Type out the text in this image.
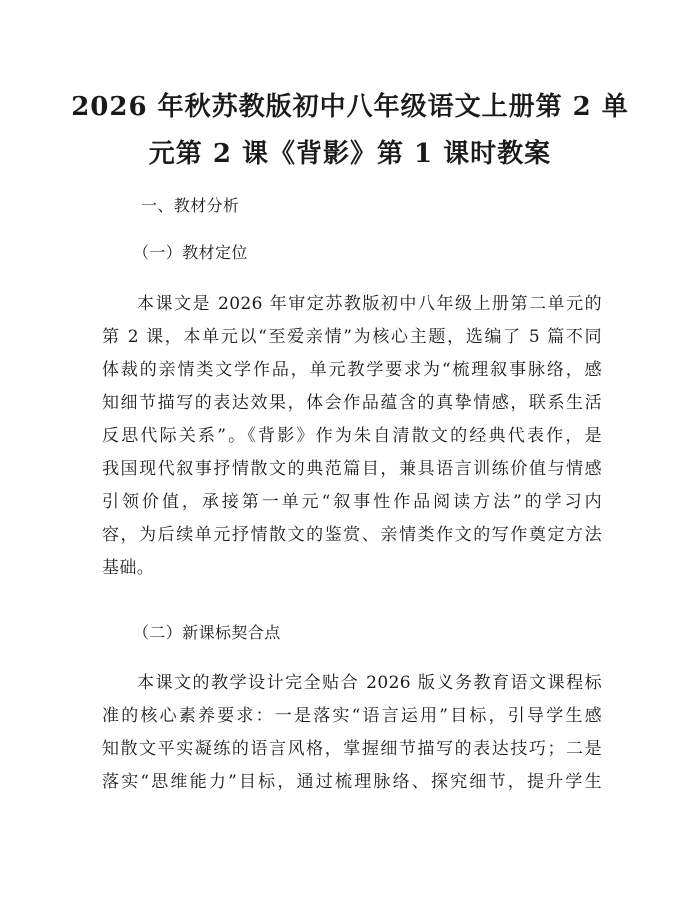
2026 年秋苏教版初中八年级语文上册第 2 单
元第 2 课《背影》第 1 课时教案
一、教材分析
（一）教材定位
本课文是 2026 年审定苏教版初中八年级上册第二单元的
第 2 课，本单元以“至爱亲情”为核心主题，选编了 5 篇不同
体裁的亲情类文学作品，单元教学要求为“梳理叙事脉络，感
知细节描写的表达效果，体会作品蕴含的真挚情感，联系生活
反思代际关系”。《背影》作为朱自清散文的经典代表作，是
我国现代叙事抒情散文的典范篇目，兼具语言训练价值与情感
引领价值，承接第一单元“叙事性作品阅读方法”的学习内
容，为后续单元抒情散文的鉴赏、亲情类作文的写作奠定方法
基础。
（二）新课标契合点
本课文的教学设计完全贴合 2026 版义务教育语文课程标
准的核心素养要求：一是落实“语言运用”目标，引导学生感
知散文平实凝练的语言风格，掌握细节描写的表达技巧；二是
落实“思维能力”目标，通过梳理脉络、探究细节，提升学生
